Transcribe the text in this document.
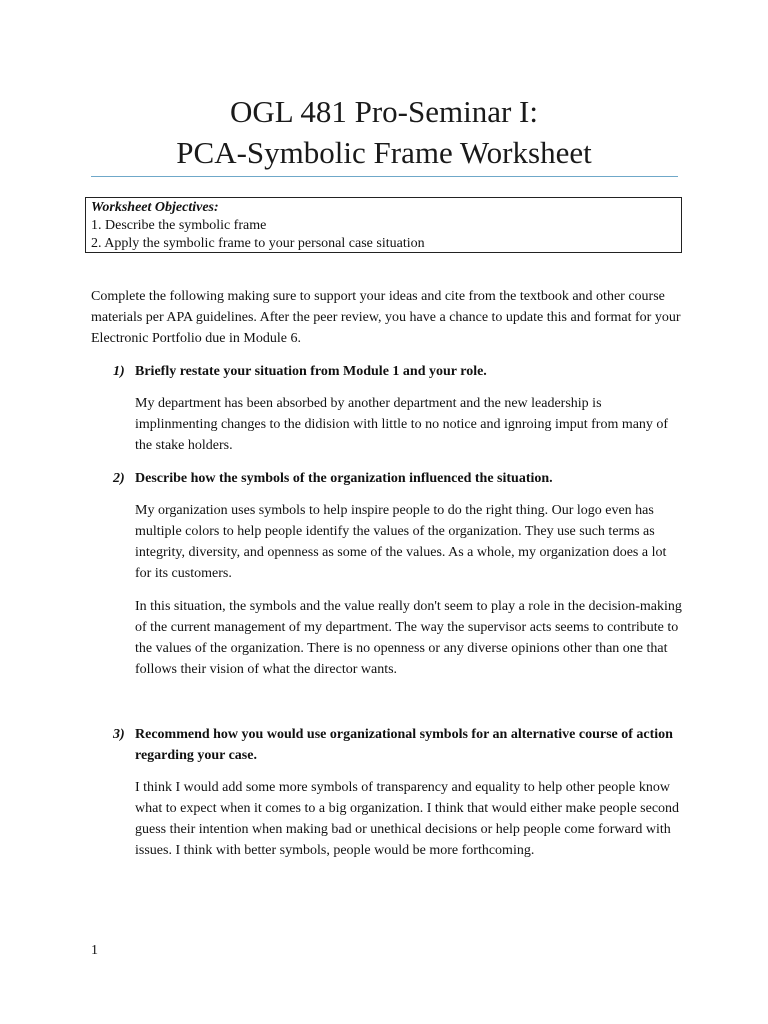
OGL 481 Pro-Seminar I:
PCA-Symbolic Frame Worksheet
Worksheet Objectives:
1. Describe the symbolic frame
2. Apply the symbolic frame to your personal case situation
Complete the following making sure to support your ideas and cite from the textbook and other course materials per APA guidelines. After the peer review, you have a chance to update this and format for your Electronic Portfolio due in Module 6.
1) Briefly restate your situation from Module 1 and your role.
My department has been absorbed by another department and the new leadership is implinmenting changes to the didision with little to no notice and ignroing imput from many of the stake holders.
2) Describe how the symbols of the organization influenced the situation.
My organization uses symbols to help inspire people to do the right thing. Our logo even has multiple colors to help people identify the values of the organization. They use such terms as integrity, diversity, and openness as some of the values. As a whole, my organization does a lot for its customers.
In this situation, the symbols and the value really don't seem to play a role in the decision-making of the current management of my department. The way the supervisor acts seems to contribute to the values of the organization. There is no openness or any diverse opinions other than one that follows their vision of what the director wants.
3) Recommend how you would use organizational symbols for an alternative course of action regarding your case.
I think I would add some more symbols of transparency and equality to help other people know what to expect when it comes to a big organization. I think that would either make people second guess their intention when making bad or unethical decisions or help people come forward with issues. I think with better symbols, people would be more forthcoming.
1
